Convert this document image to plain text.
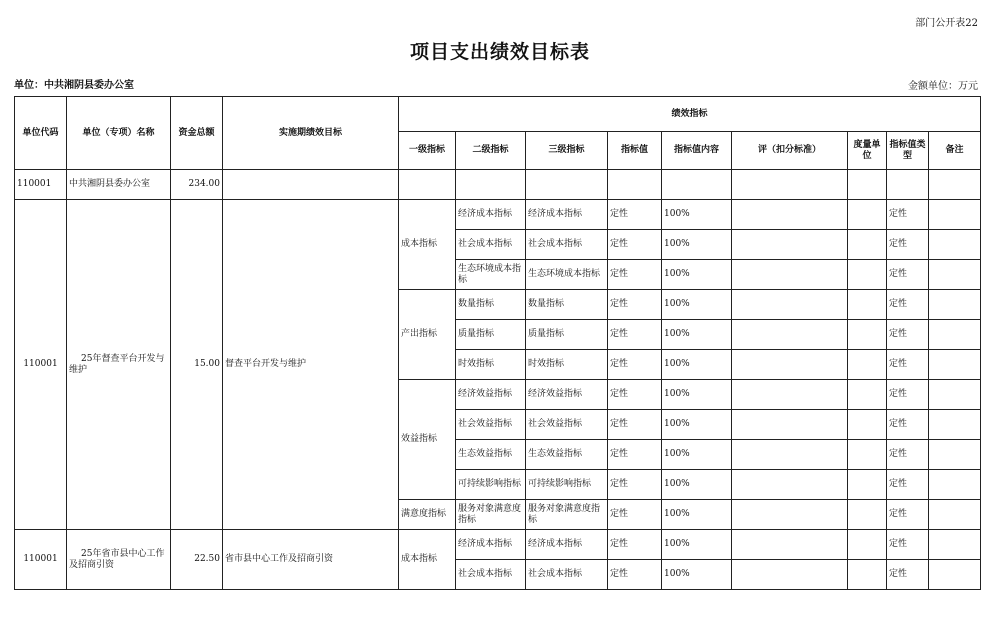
部门公开表22
项目支出绩效目标表
单位：中共湘阴县委办公室	金额单位：万元
单位代码	单位（专项）名称	资金总额	实施期绩效目标	绩效指标								
				一级指标	二级指标	三级指标	指标值	指标值内容	评（扣分标准）	度量单位	指标值类型	备注
110001	中共湘阴县委办公室	234.00										
110001	25年督查平台开发与维护	15.00	督查平台开发与维护	成本指标	经济成本指标	经济成本指标	定性	100%			定性	
					社会成本指标	社会成本指标	定性	100%			定性	
					生态环境成本指标	生态环境成本指标	定性	100%			定性	
				产出指标	数量指标	数量指标	定性	100%			定性	
					质量指标	质量指标	定性	100%			定性	
					时效指标	时效指标	定性	100%			定性	
				效益指标	经济效益指标	经济效益指标	定性	100%			定性	
					社会效益指标	社会效益指标	定性	100%			定性	
					生态效益指标	生态效益指标	定性	100%			定性	
					可持续影响指标	可持续影响指标	定性	100%			定性	
				满意度指标	服务对象满意度指标	服务对象满意度指标	定性	100%			定性	
110001	25年省市县中心工作及招商引资	22.50	省市县中心工作及招商引资	成本指标	经济成本指标	经济成本指标	定性	100%			定性	
					社会成本指标	社会成本指标	定性	100%			定性	
